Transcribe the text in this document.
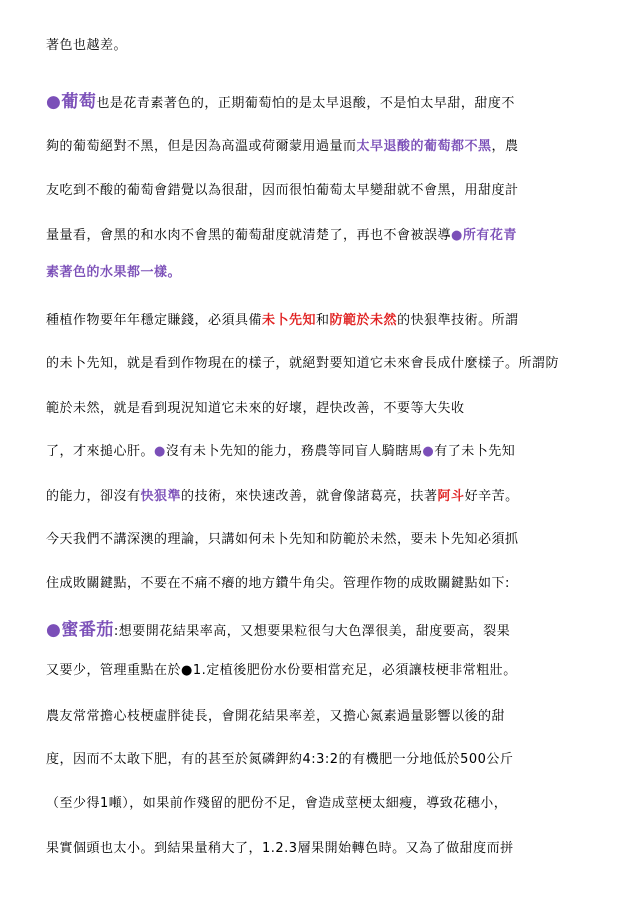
著色也越差。
●葡萄也是花青素著色的，正期葡萄怕的是太早退酸，不是怕太早甜，甜度不
夠的葡萄絕對不黑，但是因為高溫或荷爾蒙用過量而太早退酸的葡萄都不黑，農
友吃到不酸的葡萄會錯覺以為很甜，因而很怕葡萄太早變甜就不會黑，用甜度計
量量看，會黑的和水肉不會黑的葡萄甜度就清楚了，再也不會被誤導●所有花青
素著色的水果都一樣。
種植作物要年年穩定賺錢，必須具備未卜先知和防範於未然的快狠準技術。所謂
的未卜先知，就是看到作物現在的樣子，就絕對要知道它未來會長成什麼樣子。所謂防
範於未然，就是看到現況知道它未來的好壞，趕快改善，不要等大失收
了，才來搥心肝。●沒有未卜先知的能力，務農等同盲人騎瞎馬●有了未卜先知
的能力，卻沒有快狠準的技術，來快速改善，就會像諸葛亮，扶著阿斗好辛苦。
今天我們不講深澳的理論，只講如何未卜先知和防範於未然，要未卜先知必須抓
住成敗關鍵點，不要在不痛不癢的地方鑽牛角尖。管理作物的成敗關鍵點如下:
●蜜番茄:想要開花結果率高，又想要果粒很勻大色澤很美，甜度要高，裂果
又要少，管理重點在於●1.定植後肥份水份要相當充足，必須讓枝梗非常粗壯。
農友常常擔心枝梗虛胖徒長，會開花結果率差，又擔心氮素過量影響以後的甜
度，因而不太敢下肥，有的甚至於氮磷鉀約4:3:2的有機肥一分地低於500公斤
（至少得1噸），如果前作殘留的肥份不足，會造成莖梗太細瘦，導致花穗小，
果實個頭也太小。到結果量稍大了，1.2.3層果開始轉色時。又為了做甜度而拼
